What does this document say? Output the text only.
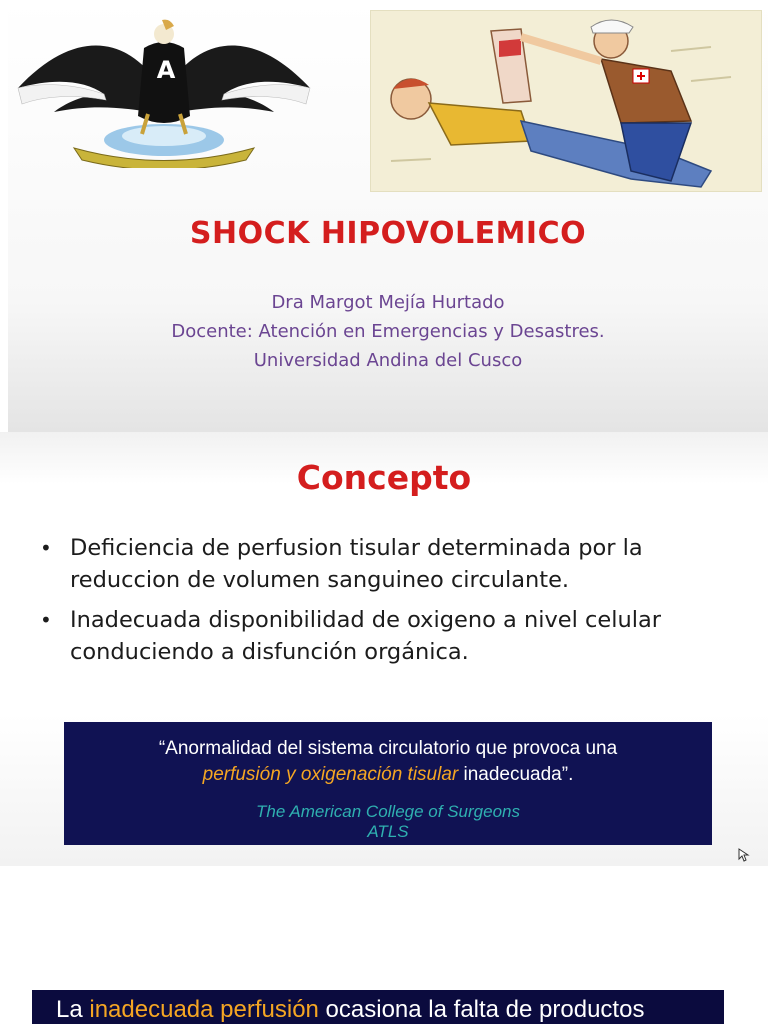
A
SHOCK HIPOVOLEMICO
Dra Margot Mejía Hurtado
Docente: Atención en Emergencias y Desastres.
Universidad Andina del Cusco
Concepto
• Deficiencia de perfusion tisular determinada por la reduccion de volumen sanguineo circulante.
• Inadecuada disponibilidad de oxigeno a nivel celular conduciendo a disfunción orgánica.
“Anormalidad del sistema circulatorio que provoca una
perfusión y oxigenación tisular inadecuada”.
The American College of Surgeons
ATLS
La inadecuada perfusión ocasiona la falta de productos
